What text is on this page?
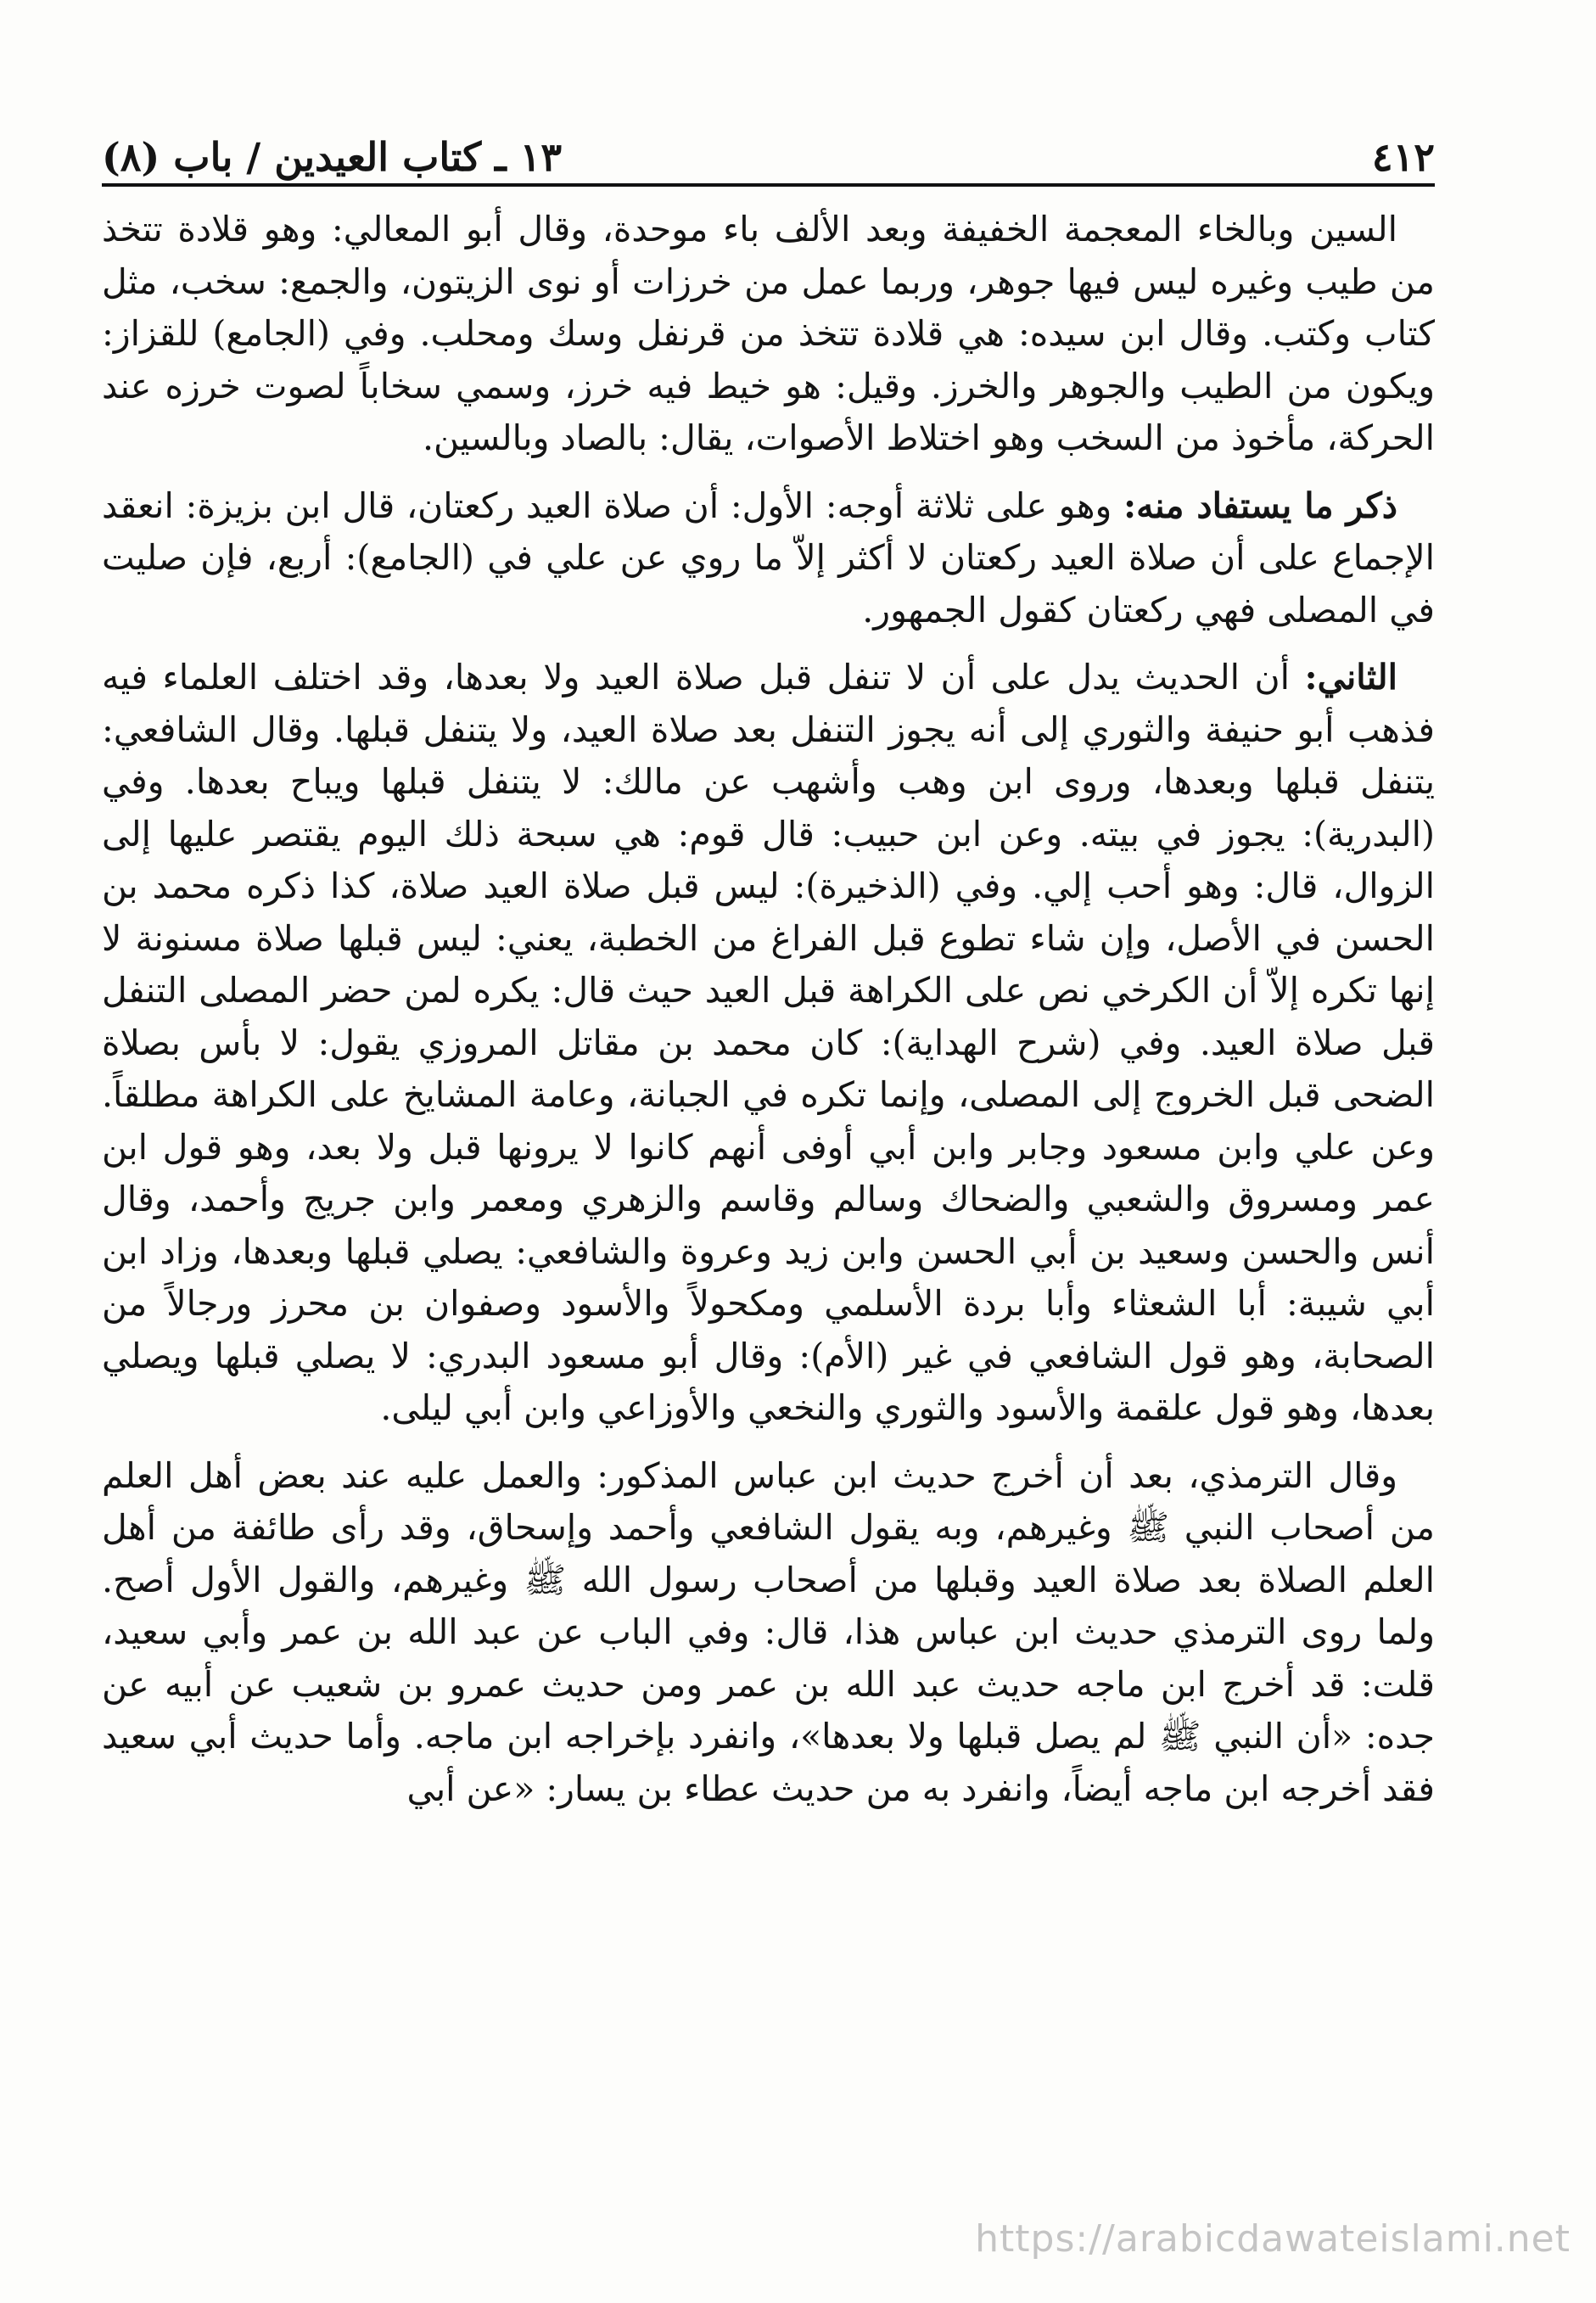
٤١٢
١٣ ـ كتاب العيدين / باب (٨)

السين وبالخاء المعجمة الخفيفة وبعد الألف باء موحدة، وقال أبو المعالي: وهو قلادة تتخذ من طيب وغيره ليس فيها جوهر، وربما عمل من خرزات أو نوى الزيتون، والجمع: سخب، مثل كتاب وكتب. وقال ابن سيده: هي قلادة تتخذ من قرنفل وسك ومحلب. وفي (الجامع) للقزاز: ويكون من الطيب والجوهر والخرز. وقيل: هو خيط فيه خرز، وسمي سخاباً لصوت خرزه عند الحركة، مأخوذ من السخب وهو اختلاط الأصوات، يقال: بالصاد وبالسين.

ذكر ما يستفاد منه: وهو على ثلاثة أوجه: الأول: أن صلاة العيد ركعتان، قال ابن بزيزة: انعقد الإجماع على أن صلاة العيد ركعتان لا أكثر إلاّ ما روي عن علي في (الجامع): أربع، فإن صليت في المصلى فهي ركعتان كقول الجمهور.

الثاني: أن الحديث يدل على أن لا تنفل قبل صلاة العيد ولا بعدها، وقد اختلف العلماء فيه فذهب أبو حنيفة والثوري إلى أنه يجوز التنفل بعد صلاة العيد، ولا يتنفل قبلها. وقال الشافعي: يتنفل قبلها وبعدها، وروى ابن وهب وأشهب عن مالك: لا يتنفل قبلها ويباح بعدها. وفي (البدرية): يجوز في بيته. وعن ابن حبيب: قال قوم: هي سبحة ذلك اليوم يقتصر عليها إلى الزوال، قال: وهو أحب إلي. وفي (الذخيرة): ليس قبل صلاة العيد صلاة، كذا ذكره محمد بن الحسن في الأصل، وإن شاء تطوع قبل الفراغ من الخطبة، يعني: ليس قبلها صلاة مسنونة لا إنها تكره إلاّ أن الكرخي نص على الكراهة قبل العيد حيث قال: يكره لمن حضر المصلى التنفل قبل صلاة العيد. وفي (شرح الهداية): كان محمد بن مقاتل المروزي يقول: لا بأس بصلاة الضحى قبل الخروج إلى المصلى، وإنما تكره في الجبانة، وعامة المشايخ على الكراهة مطلقاً. وعن علي وابن مسعود وجابر وابن أبي أوفى أنهم كانوا لا يرونها قبل ولا بعد، وهو قول ابن عمر ومسروق والشعبي والضحاك وسالم وقاسم والزهري ومعمر وابن جريج وأحمد، وقال أنس والحسن وسعيد بن أبي الحسن وابن زيد وعروة والشافعي: يصلي قبلها وبعدها، وزاد ابن أبي شيبة: أبا الشعثاء وأبا بردة الأسلمي ومكحولاً والأسود وصفوان بن محرز ورجالاً من الصحابة، وهو قول الشافعي في غير (الأم): وقال أبو مسعود البدري: لا يصلي قبلها ويصلي بعدها، وهو قول علقمة والأسود والثوري والنخعي والأوزاعي وابن أبي ليلى.

وقال الترمذي، بعد أن أخرج حديث ابن عباس المذكور: والعمل عليه عند بعض أهل العلم من أصحاب النبي ﷺ وغيرهم، وبه يقول الشافعي وأحمد وإسحاق، وقد رأى طائفة من أهل العلم الصلاة بعد صلاة العيد وقبلها من أصحاب رسول الله ﷺ وغيرهم، والقول الأول أصح. ولما روى الترمذي حديث ابن عباس هذا، قال: وفي الباب عن عبد الله بن عمر وأبي سعيد، قلت: قد أخرج ابن ماجه حديث عبد الله بن عمر ومن حديث عمرو بن شعيب عن أبيه عن جده: «أن النبي ﷺ لم يصل قبلها ولا بعدها»، وانفرد بإخراجه ابن ماجه. وأما حديث أبي سعيد فقد أخرجه ابن ماجه أيضاً، وانفرد به من حديث عطاء بن يسار: «عن أبي

https://arabicdawateislami.net
